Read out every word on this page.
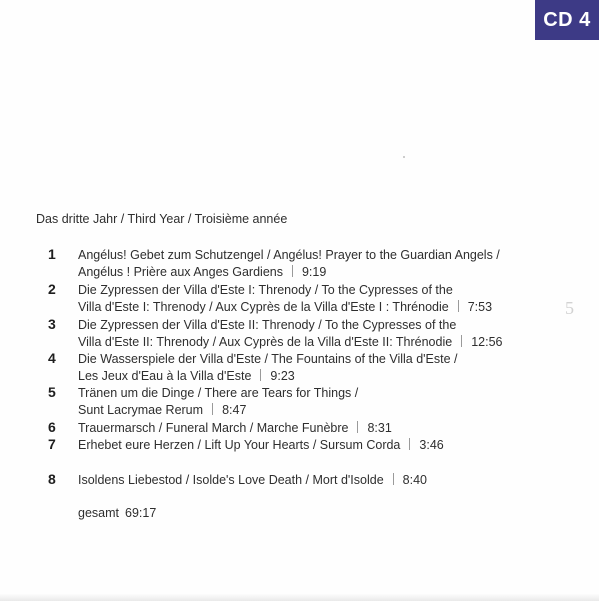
CD 4
Das dritte Jahr / Third Year / Troisième année
1 Angélus! Gebet zum Schutzengel / Angélus! Prayer to the Guardian Angels /
Angélus ! Prière aux Anges Gardiens 9:19
2 Die Zypressen der Villa d'Este I: Threnody / To the Cypresses of the
Villa d'Este I: Threnody / Aux Cyprès de la Villa d'Este I : Thrénodie 7:53
3 Die Zypressen der Villa d'Este II: Threnody / To the Cypresses of the
Villa d'Este II: Threnody / Aux Cyprès de la Villa d'Este II: Thrénodie 12:56
4 Die Wasserspiele der Villa d'Este / The Fountains of the Villa d'Este /
Les Jeux d'Eau à la Villa d'Este 9:23
5 Tränen um die Dinge / There are Tears for Things /
Sunt Lacrymae Rerum 8:47
6 Trauermarsch / Funeral March / Marche Funèbre 8:31
7 Erhebet eure Herzen / Lift Up Your Hearts / Sursum Corda 3:46
8 Isoldens Liebestod / Isolde's Love Death / Mort d'Isolde 8:40
5
gesamt 69:17
